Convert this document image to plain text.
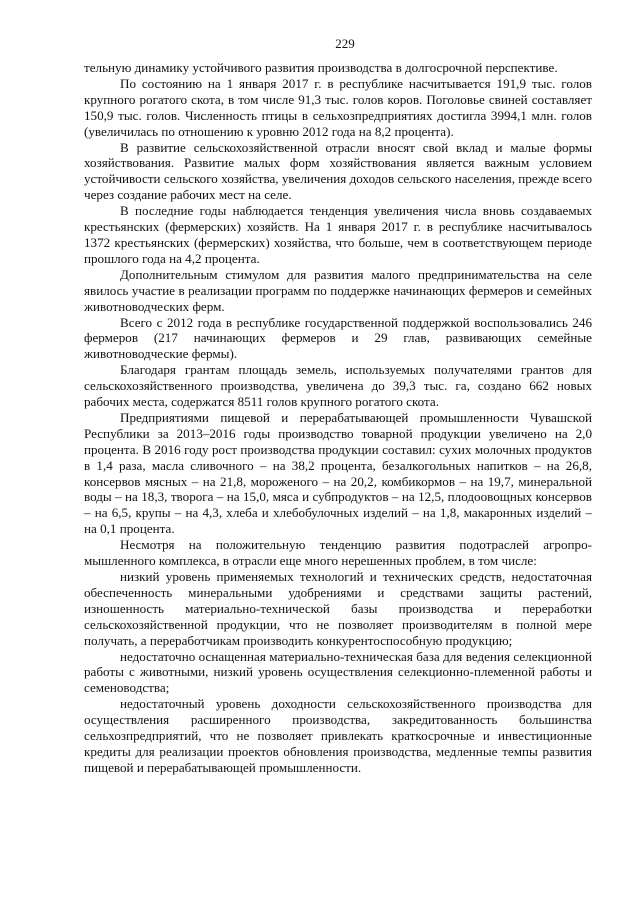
229

тельную динамику устойчивого развития производства в долгосрочной перспективе.

По состоянию на 1 января 2017 г. в республике насчитывается 191,9 тыс. голов крупного рогатого скота, в том числе 91,3 тыс. голов коров. Поголовье свиней составляет 150,9 тыс. голов. Численность птицы в сельхозпредприятиях достигла 3994,1 млн. голов (увеличилась по отношению к уровню 2012 года на 8,2 процента).

В развитие сельскохозяйственной отрасли вносят свой вклад и малые формы хозяйствования. Развитие малых форм хозяйствования является важным условием устойчивости сельского хозяйства, увеличения доходов сельского населения, прежде всего через создание рабочих мест на селе.

В последние годы наблюдается тенденция увеличения числа вновь создаваемых крестьянских (фермерских) хозяйств. На 1 января 2017 г. в республике насчитывалось 1372 крестьянских (фермерских) хозяйства, что больше, чем в соответствующем периоде прошлого года на 4,2 процента.

Дополнительным стимулом для развития малого предпринимательства на селе явилось участие в реализации программ по поддержке начинающих фермеров и семейных животноводческих ферм.

Всего с 2012 года в республике государственной поддержкой воспользовались 246 фермеров (217 начинающих фермеров и 29 глав, развивающих семейные животноводческие фермы).

Благодаря грантам площадь земель, используемых получателями грантов для сельскохозяйственного производства, увеличена до 39,3 тыс. га, создано 662 новых рабочих места, содержатся 8511 голов крупного рогатого скота.

Предприятиями пищевой и перерабатывающей промышленности Чувашской Республики за 2013–2016 годы производство товарной продукции увеличено на 2,0 процента. В 2016 году рост производства продукции составил: сухих молочных продуктов в 1,4 раза, масла сливочного – на 38,2 процента, безалкогольных напитков – на 26,8, консервов мясных – на 21,8, мороженого – на 20,2, комбикормов – на 19,7, минеральной воды – на 18,3, творога – на 15,0, мяса и субпродуктов – на 12,5, плодоовощных консервов – на 6,5, крупы – на 4,3, хлеба и хлебобулочных изделий – на 1,8, макаронных изделий – на 0,1 процента.

Несмотря на положительную тенденцию развития подотраслей агропромышленного комплекса, в отрасли еще много нерешенных проблем, в том числе:

низкий уровень применяемых технологий и технических средств, недостаточная обеспеченность минеральными удобрениями и средствами защиты растений, изношенность материально-технической базы производства и переработки сельскохозяйственной продукции, что не позволяет производителям в полной мере получать, а переработчикам производить конкурентоспособную продукцию;

недостаточно оснащенная материально-техническая база для ведения селекционной работы с животными, низкий уровень осуществления селекционно-племенной работы и семеноводства;

недостаточный уровень доходности сельскохозяйственного производства для осуществления расширенного производства, закредитованность большинства сельхозпредприятий, что не позволяет привлекать краткосрочные и инвестиционные кредиты для реализации проектов обновления производства, медленные темпы развития пищевой и перерабатывающей промышленности.
